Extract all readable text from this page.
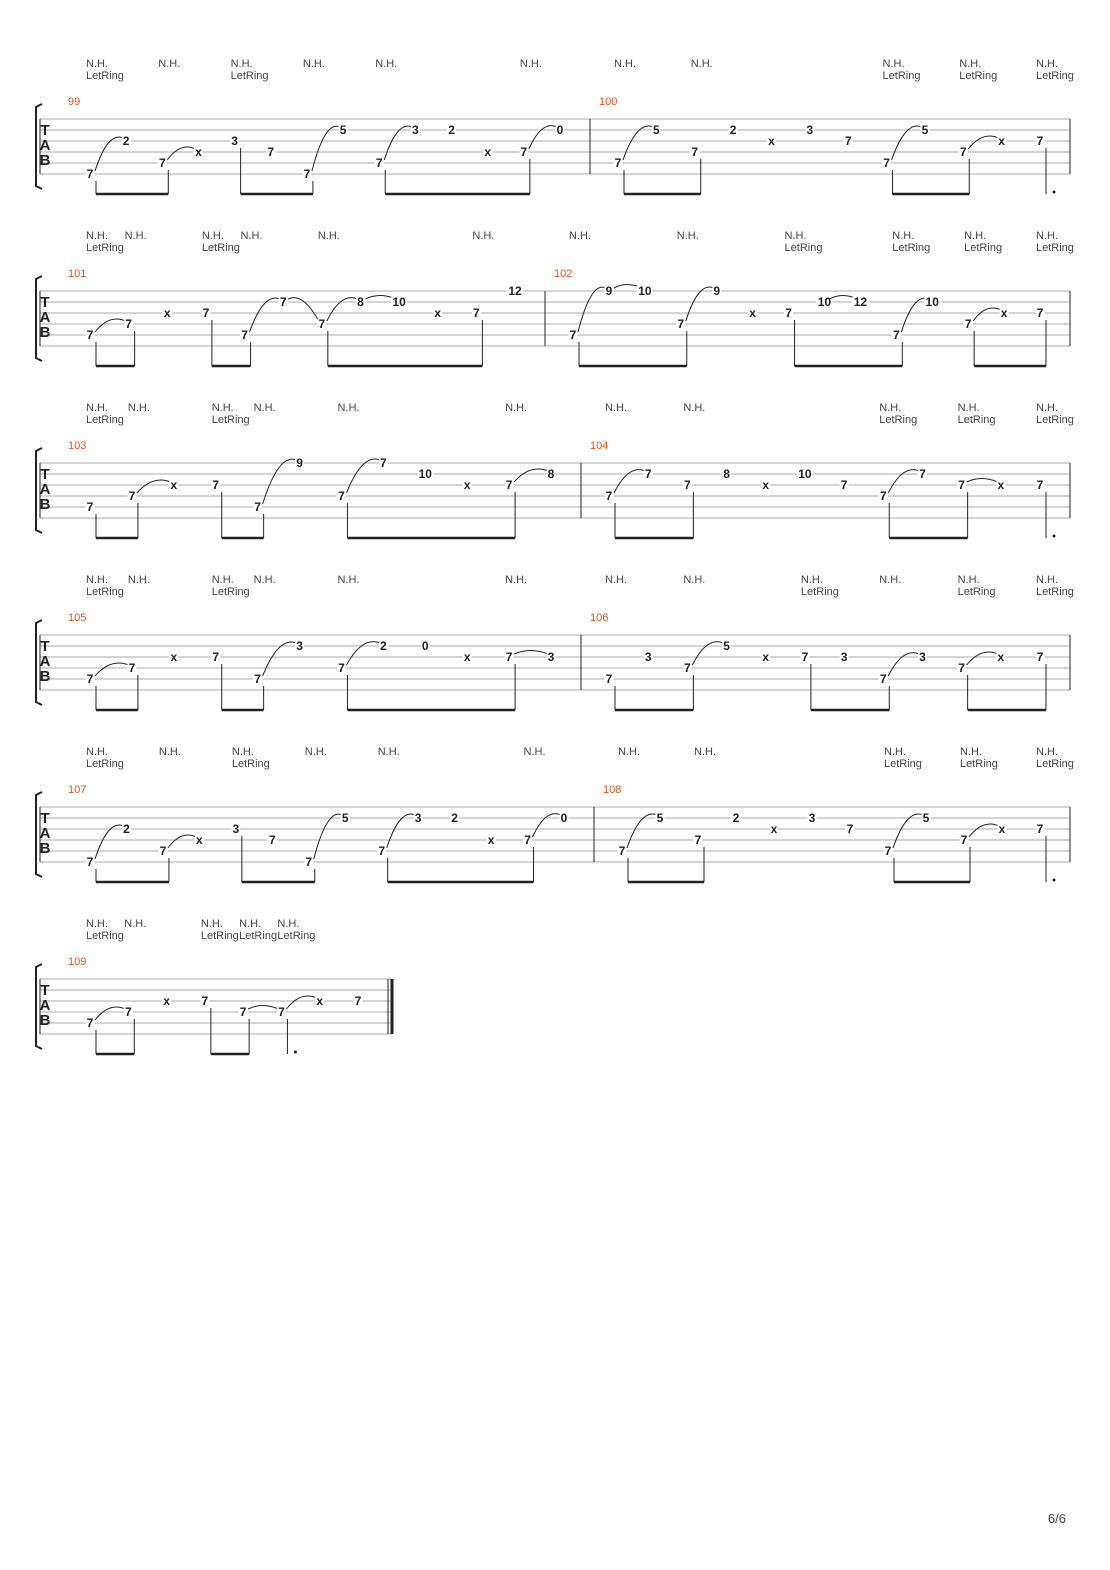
T
A
B
99
7
N.H.
LetRing
2
7
N.H.
x
3
N.H.
LetRing
7
7
N.H.
5
7
N.H.
3 2
x 7
N.H.
0
100
7
N.H.
5
7
N.H.
2
x
3
7
7
N.H.
LetRing
5
7
N.H.
LetRing
x	7
N.H.
LetRing
T
A
B
101
7
N.H.
LetRing
7
N.H.
x	7
N.H.
LetRing
7
N.H.
7
7
N.H.
8 10
x	7
N.H.
12
102
7
N.H.
9 10
7
N.H.
9
x 7
N.H.
LetRing
10 12
7
N.H.
LetRing
10
7
N.H.
LetRing
x 7
N.H.
LetRing
T
A
B
103
7
N.H.
LetRing
7
N.H.
x	7
N.H.
LetRing
7
N.H.
9
7
N.H.
7
10
x	7
N.H.
8
104
7
N.H.
7
7
N.H.
8
x
10
7
7
N.H.
LetRing
7
7
N.H.
LetRing
x	7
N.H.
LetRing
T
A
B
105
7
N.H.
LetRing
7
N.H.
x	7
N.H.
LetRing
7
N.H.
3
7
N.H.
2	0
x	7
N.H.
3
106
7
N.H.
3
7
N.H.
5
x	7
N.H.
LetRing
3
7
N.H.
3
7
N.H.
LetRing
x	7
N.H.
LetRing
T
A
B
107
7
N.H.
LetRing
2
7
N.H.
x
3
N.H.
LetRing
7
7
N.H.
5
7
N.H.
3 2
x 7
N.H.
0
108
7
N.H.
5
7
N.H.
2
x
3
7
7
N.H.
LetRing
5
7
N.H.
LetRing
x	7
N.H.
LetRing
T
A
B
109
7
N.H.
LetRing
7
N.H.
x	7
N.H.
LetRing
7
N.H.
LetRing
7
N.H.
LetRing
x	7
6/6
